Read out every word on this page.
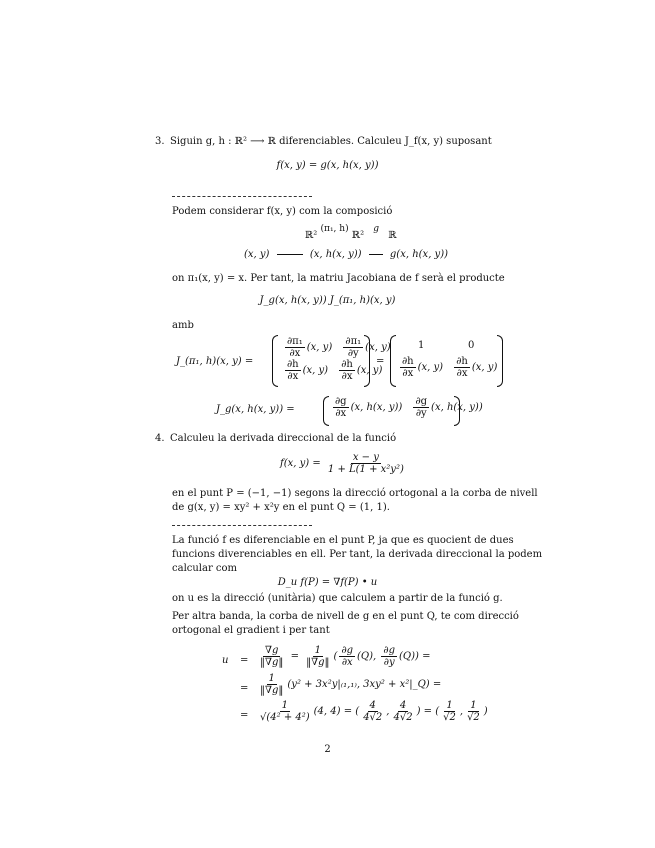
3. Siguin g, h : ℝ² ⟶ ℝ diferenciables. Calculeu J_f(x, y) suposant
f(x, y) = g(x, h(x, y))
Podem considerar f(x, y) com la composició
ℝ² (π₁, h) ℝ² g ℝ
(x, y)	(x, h(x, y))	g(x, h(x, y))
on π₁(x, y) = x. Per tant, la matriu Jacobiana de f serà el producte
J_g(x, h(x, y)) J_(π₁, h)(x, y)
amb
J_(π₁, h)(x, y) =
$\frac{\text{∂π₁}}{\partial x} (x$, $y) \frac{\text{∂π₁}}{\partial y} (x$, y)
$\frac{\partial h}{\partial x} (x$, $y) \frac{\partial h}{\partial x} (x$, y)
=
1	0
$\frac{\partial h}{\partial x} (x$, $y) \frac{\partial h}{\partial x} (x$, y)
J_g(x, h(x, y)) =	$\frac{\partial g}{\partial x} (x$, h(x, $y)) \frac{\partial g}{\partial y} (x$, h(x, y))
4. Calculeu la derivada direccional de la funció
f(x, $y) = \frac{x - y}{\text{1 + L(1 + x²y²)}}$
en el punt P = (−1, −1) segons la direcció ortogonal a la corba de nivell
de g(x, y) = xy² + x²y en el punt Q = (1, 1).
La funció f es diferenciable en el punt P, ja que es quocient de dues
funcions diverenciables en ell. Per tant, la derivada direccional la podem
calcular com
D_u f(P) = ∇f(P) • u
on u es la direcció (unitària) que calculem a partir de la funció g.
Per altra banda, la corba de nivell de g en el punt Q, te com direcció
ortogonal el gradient i per tant
$u = \frac{\nabla g}{‖\nabla g‖} = \frac{1}{‖\nabla g‖}$ ( $\frac{\partial g}{\partial x} (Q)$, $\frac{\partial g}{\partial y} (Q)$) =
= $\frac{1}{‖\nabla g‖} (y^2 + 3x^2y|_{(1},_{1)}$, 3xy² + x²|_Q) =
= $\frac{1}{\text{√(4² + 4²)}} (4$, 4) = ( $\frac{4}{4√2}$ , $\frac{4}{4√2}$ ) = ( $\frac{1}{√2}$ , $\frac{1}{√2}$ )
2
